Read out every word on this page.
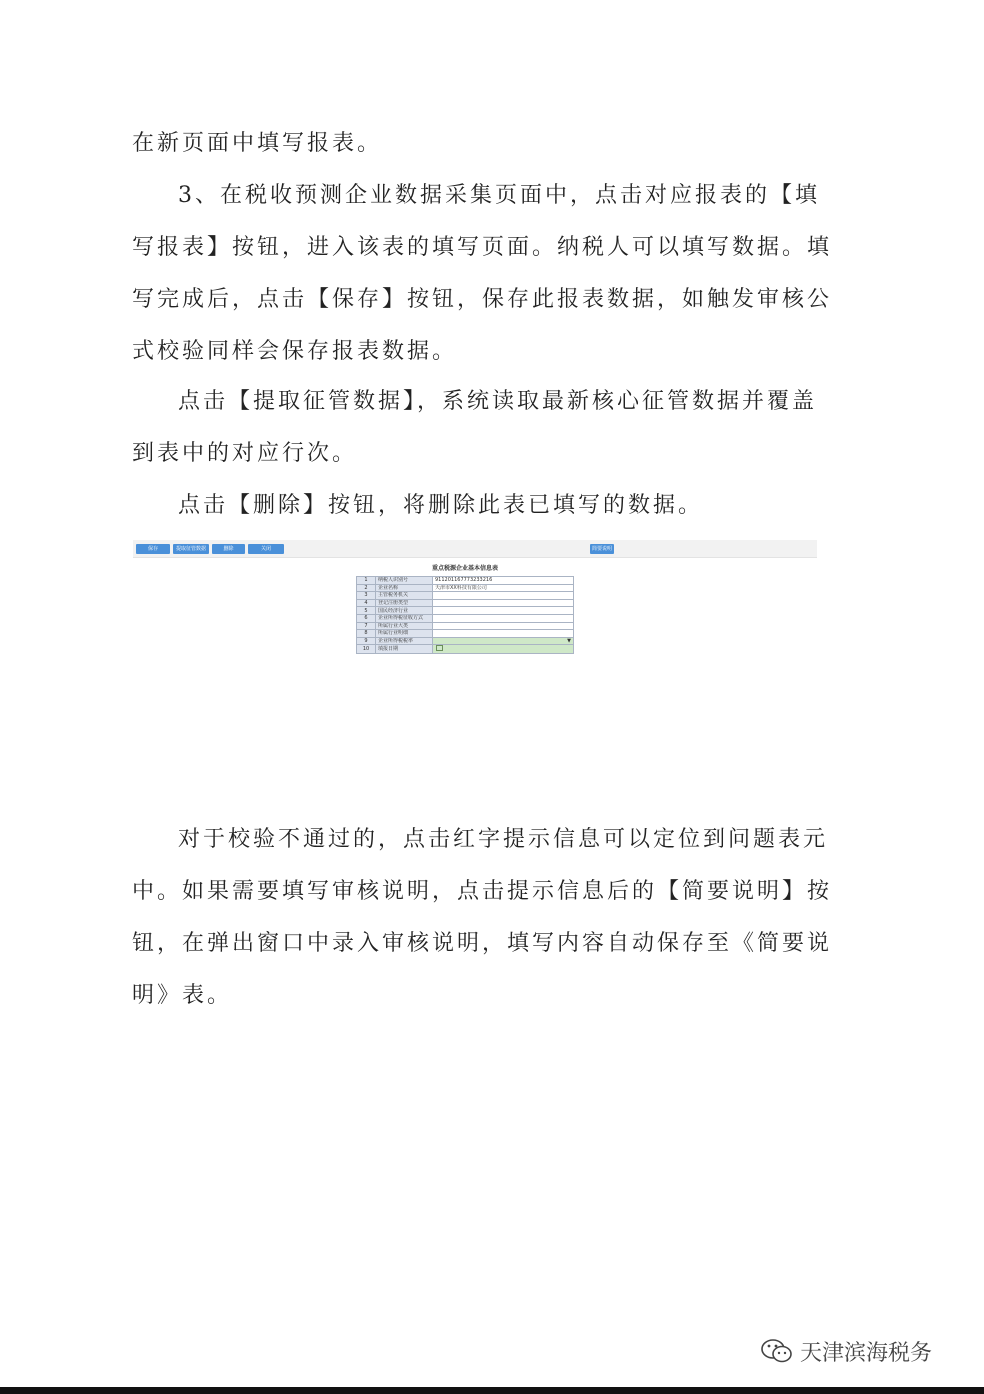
在新页面中填写报表。

3、在税收预测企业数据采集页面中，点击对应报表的【填写报表】按钮，进入该表的填写页面。纳税人可以填写数据。填写完成后，点击【保存】按钮，保存此报表数据，如触发审核公式校验同样会保存报表数据。

点击【提取征管数据】，系统读取最新核心征管数据并覆盖到表中的对应行次。

点击【删除】按钮，将删除此表已填写的数据。

保存	提取征管数据	删除	关闭	简要说明
重点税源企业基本信息表
1	纳税人识别号	911201167773233216
2	企业名称	天津市XX科技有限公司
3	主管税务机关	
4	登记注册类型	
5	国民经济行业	
6	企业所得税征收方式	
7	所属行业大类	
8	所属行业明细	
9	企业所得税税率	▼

10	填报日期	

对于校验不通过的，点击红字提示信息可以定位到问题表元中。如果需要填写审核说明，点击提示信息后的【简要说明】按钮，在弹出窗口中录入审核说明，填写内容自动保存至《简要说明》表。

天津滨海税务
